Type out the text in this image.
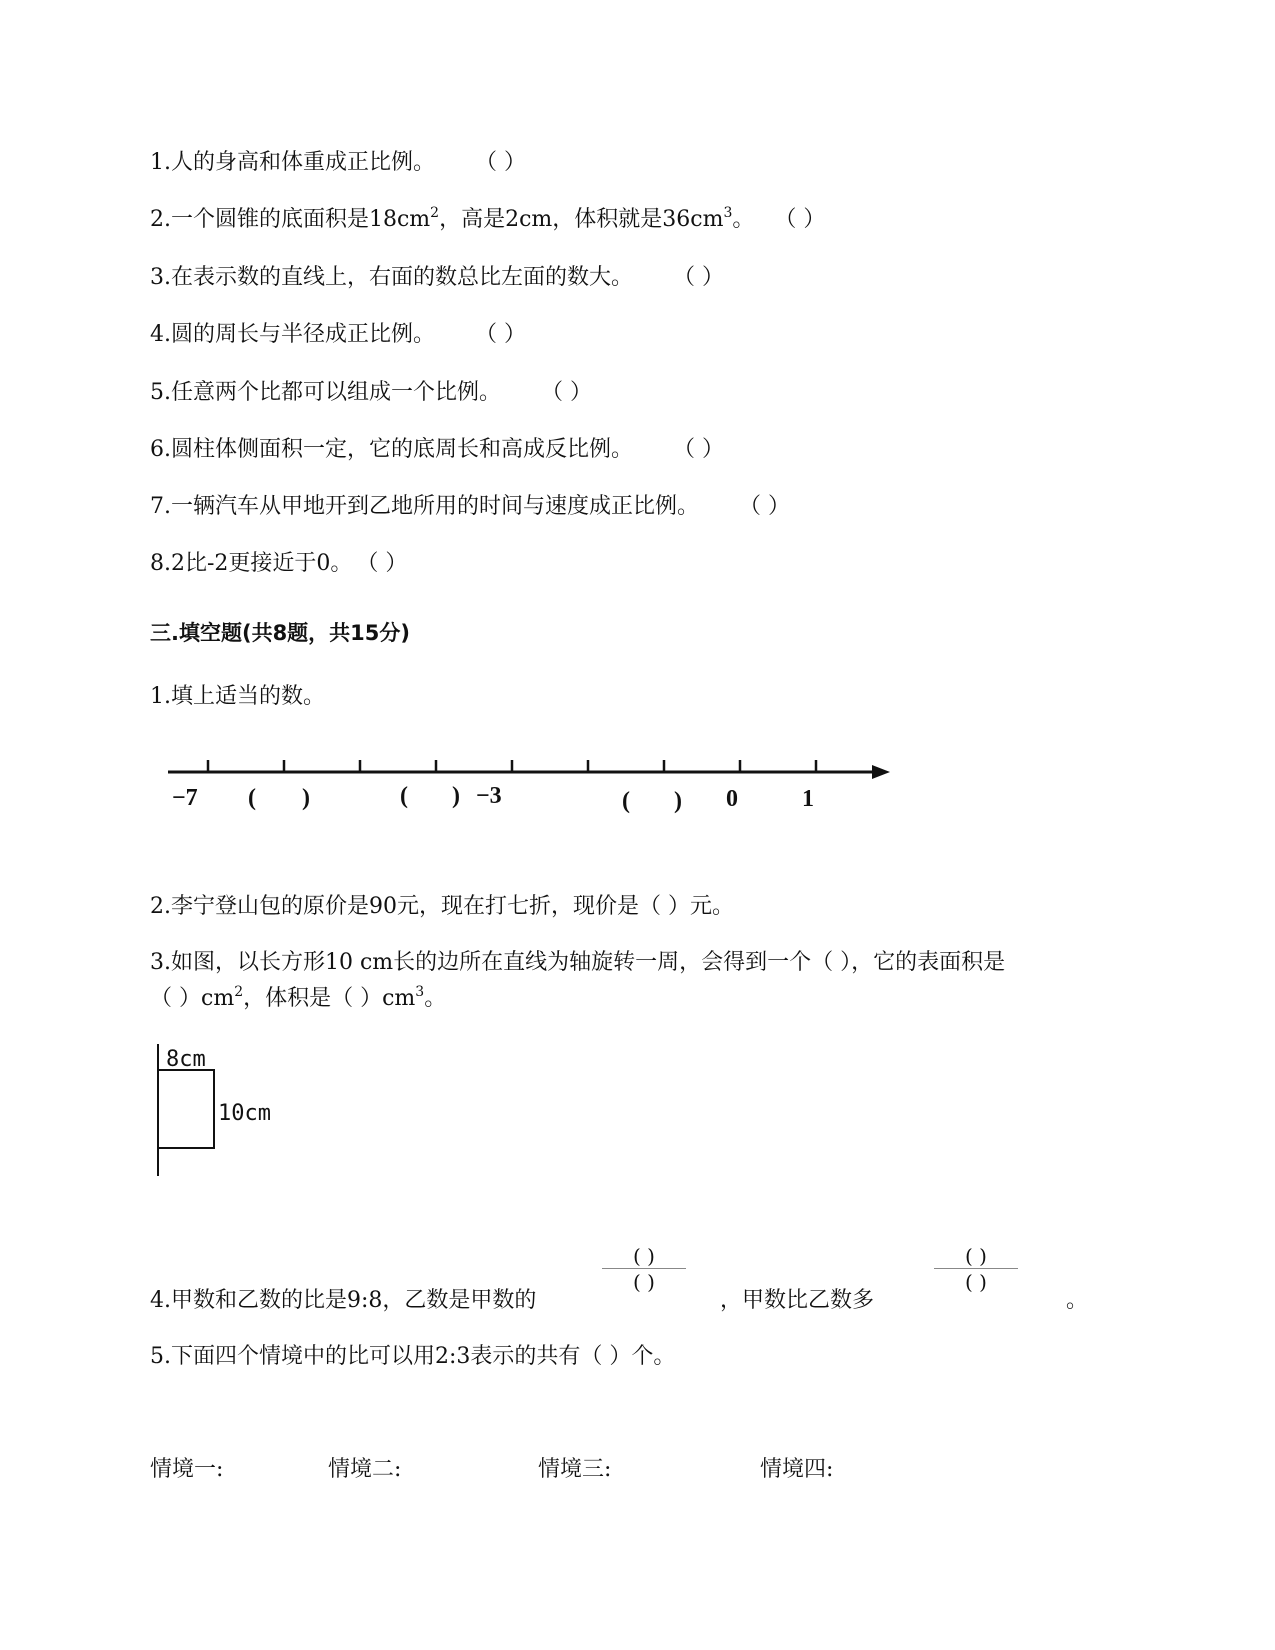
1.人的身高和体重成正比例。 （ ）
2.一个圆锥的底面积是$18cm^2$，高是2cm，体积就是$36cm^3$。 （ ）
3.在表示数的直线上，右面的数总比左面的数大。 （ ）
4.圆的周长与半径成正比例。 （ ）
5.任意两个比都可以组成一个比例。 （ ）
6.圆柱体侧面积一定，它的底周长和高成反比例。 （ ）
7.一辆汽车从甲地开到乙地所用的时间与速度成正比例。 （ ）
8.2比-2更接近于0。 （ ）
三.填空题(共8题，共15分)
1.填上适当的数。
−7 ( )	( ) −3	( ) 0	1
2.李宁登山包的原价是90元，现在打七折，现价是（ ）元。
3.如图，以长方形10 cm长的边所在直线为轴旋转一周，会得到一个（ ），它的表面积是
（ ）$cm^2$，体积是（ ）$cm^3$。
8cm
10cm
4.甲数和乙数的比是9:8，乙数是甲数的
( )
( )
，甲数比乙数多
( )
( )
。
5.下面四个情境中的比可以用2:3表示的共有（ ）个。
情境一:	情境二:	情境三:	情境四:
